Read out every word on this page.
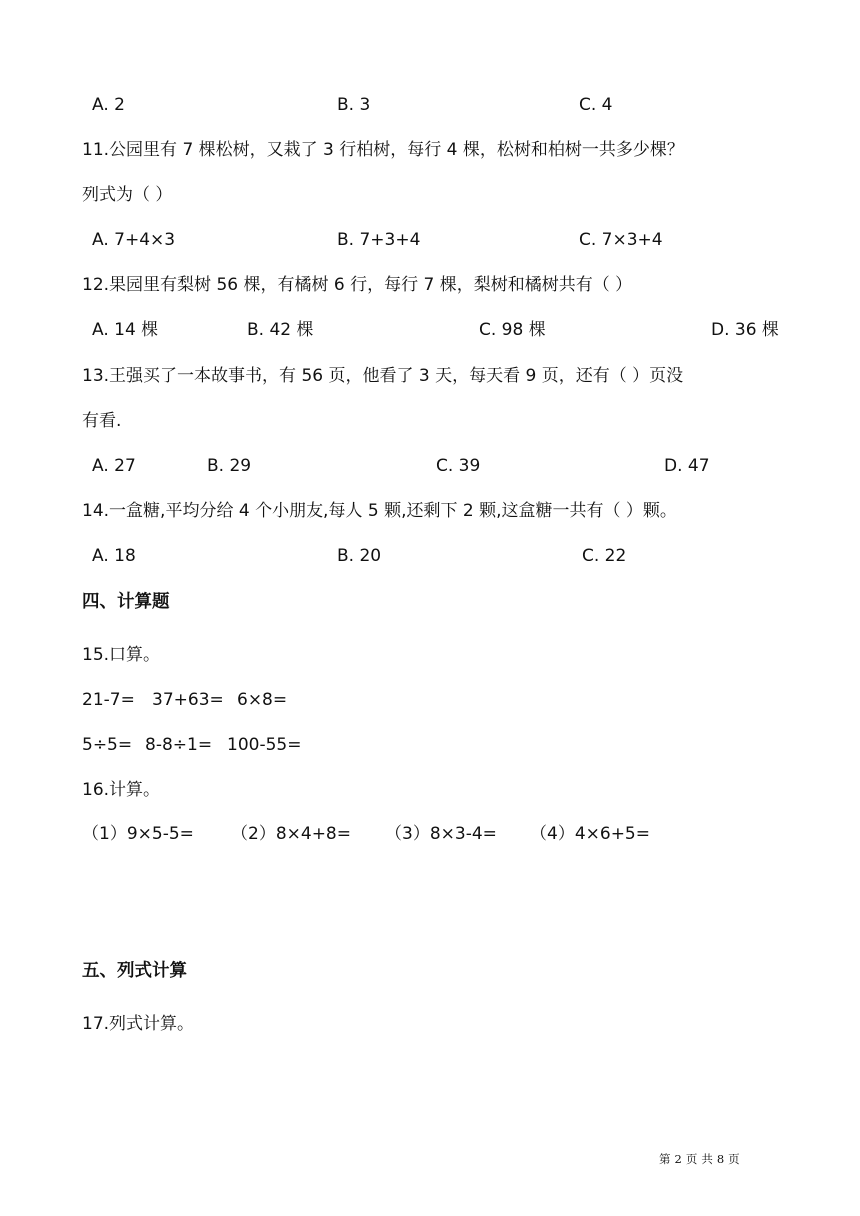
A. 2	B. 3	C. 4
11.公园里有 7 棵松树，又栽了 3 行柏树，每行 4 棵，松树和柏树一共多少棵？
列式为（ ）
A. 7+4×3	B. 7+3+4	C. 7×3+4
12.果园里有梨树 56 棵，有橘树 6 行，每行 7 棵，梨树和橘树共有（ ）
A. 14 棵	B. 42 棵	C. 98 棵	D. 36 棵
13.王强买了一本故事书，有 56 页，他看了 3 天，每天看 9 页，还有（ ）页没
有看.
A. 27	B. 29	C. 39	D. 47
14.一盒糖,平均分给 4 个小朋友,每人 5 颗,还剩下 2 颗,这盒糖一共有（ ）颗。
A. 18	B. 20	C. 22
四、计算题
15.口算。
21-7= 37+63= 6×8=
5÷5= 8-8÷1= 100-55=
16.计算。
（1）9×5-5= （2）8×4+8= （3）8×3-4= （4）4×6+5=
五、列式计算
17.列式计算。
第 2 页 共 8 页
